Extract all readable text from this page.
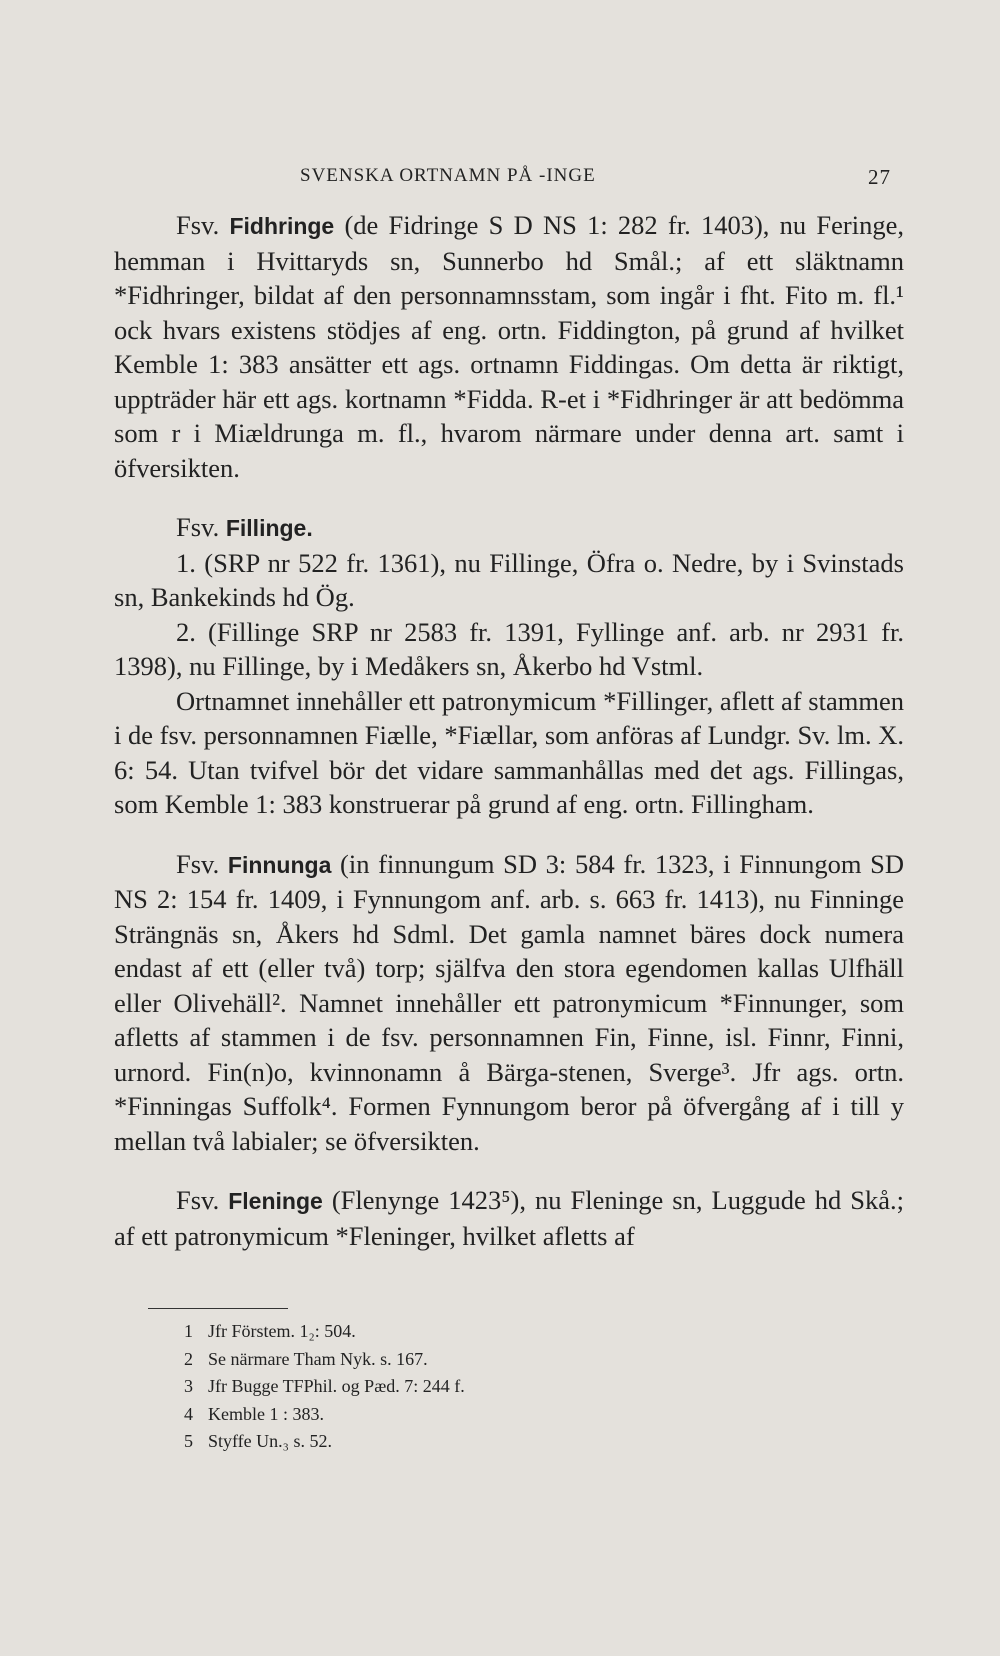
SVENSKA ORTNAMN PÅ -INGE	27

Fsv. Fidhringe (de Fidringe S D NS 1: 282 fr. 1403), nu Feringe, hemman i Hvittaryds sn, Sunnerbo hd Smål.; af ett släktnamn *Fidhringer, bildat af den personnamnsstam, som ingår i fht. Fito m. fl.¹ ock hvars existens stödjes af eng. ortn. Fiddington, på grund af hvilket Kemble 1: 383 ansätter ett ags. ortnamn Fiddingas. Om detta är riktigt, uppträder här ett ags. kortnamn *Fidda. R-et i *Fidhringer är att bedömma som r i Miældrunga m. fl., hvarom närmare under denna art. samt i öfversikten.

Fsv. Fillinge.

1. (SRP nr 522 fr. 1361), nu Fillinge, Öfra o. Nedre, by i Svinstads sn, Bankekinds hd Ög.

2. (Fillinge SRP nr 2583 fr. 1391, Fyllinge anf. arb. nr 2931 fr. 1398), nu Fillinge, by i Medåkers sn, Åkerbo hd Vstml.

Ortnamnet innehåller ett patronymicum *Fillinger, aflett af stammen i de fsv. personnamnen Fiælle, *Fiællar, som anföras af Lundgr. Sv. lm. X. 6: 54. Utan tvifvel bör det vidare sammanhållas med det ags. Fillingas, som Kemble 1: 383 konstruerar på grund af eng. ortn. Fillingham.

Fsv. Finnunga (in finnungum SD 3: 584 fr. 1323, i Finnungom SD NS 2: 154 fr. 1409, i Fynnungom anf. arb. s. 663 fr. 1413), nu Finninge Strängnäs sn, Åkers hd Sdml. Det gamla namnet bäres dock numera endast af ett (eller två) torp; själfva den stora egendomen kallas Ulfhäll eller Olivehäll². Namnet innehåller ett patronymicum *Finnunger, som afletts af stammen i de fsv. personnamnen Fin, Finne, isl. Finnr, Finni, urnord. Fin(n)o, kvinnonamn å Bärga-stenen, Sverge³. Jfr ags. ortn. *Finningas Suffolk⁴. Formen Fynnungom beror på öfvergång af i till y mellan två labialer; se öfversikten.

Fsv. Fleninge (Flenynge 1423⁵), nu Fleninge sn, Luggude hd Skå.; af ett patronymicum *Fleninger, hvilket afletts af

1 Jfr Förstem. 1₂: 504.
2 Se närmare Tham Nyk. s. 167.
3 Jfr Bugge TFPhil. og Pæd. 7: 244 f.
4 Kemble 1 : 383.
5 Styffe Un.₃ s. 52.
